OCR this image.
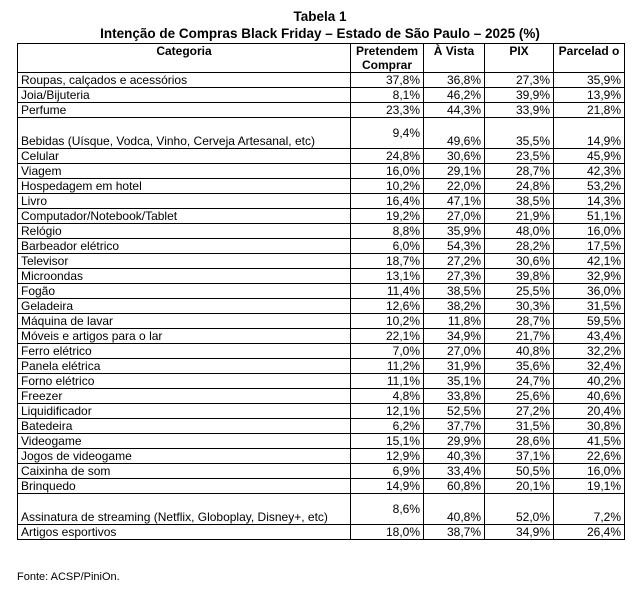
Tabela 1
Intenção de Compras Black Friday – Estado de São Paulo – 2025 (%)
Categoria	Pretendem Comprar	À Vista	PIX	Parcelad o
Roupas, calçados e acessórios	37,8%	36,8%	27,3%	35,9%
Joia/Bijuteria	8,1%	46,2%	39,9%	13,9%
Perfume	23,3%	44,3%	33,9%	21,8%
Bebidas (Uísque, Vodca, Vinho, Cerveja Artesanal, etc)	9,4%	49,6%	35,5%	14,9%
Celular	24,8%	30,6%	23,5%	45,9%
Viagem	16,0%	29,1%	28,7%	42,3%
Hospedagem em hotel	10,2%	22,0%	24,8%	53,2%
Livro	16,4%	47,1%	38,5%	14,3%
Computador/Notebook/Tablet	19,2%	27,0%	21,9%	51,1%
Relógio	8,8%	35,9%	48,0%	16,0%
Barbeador elétrico	6,0%	54,3%	28,2%	17,5%
Televisor	18,7%	27,2%	30,6%	42,1%
Microondas	13,1%	27,3%	39,8%	32,9%
Fogão	11,4%	38,5%	25,5%	36,0%
Geladeira	12,6%	38,2%	30,3%	31,5%
Máquina de lavar	10,2%	11,8%	28,7%	59,5%
Móveis e artigos para o lar	22,1%	34,9%	21,7%	43,4%
Ferro elétrico	7,0%	27,0%	40,8%	32,2%
Panela elétrica	11,2%	31,9%	35,6%	32,4%
Forno elétrico	11,1%	35,1%	24,7%	40,2%
Freezer	4,8%	33,8%	25,6%	40,6%
Liquidificador	12,1%	52,5%	27,2%	20,4%
Batedeira	6,2%	37,7%	31,5%	30,8%
Videogame	15,1%	29,9%	28,6%	41,5%
Jogos de videogame	12,9%	40,3%	37,1%	22,6%
Caixinha de som	6,9%	33,4%	50,5%	16,0%
Brinquedo	14,9%	60,8%	20,1%	19,1%
Assinatura de streaming (Netflix, Globoplay, Disney+, etc)	8,6%	40,8%	52,0%	7,2%
Artigos esportivos	18,0%	38,7%	34,9%	26,4%
Fonte: ACSP/PiniOn.
